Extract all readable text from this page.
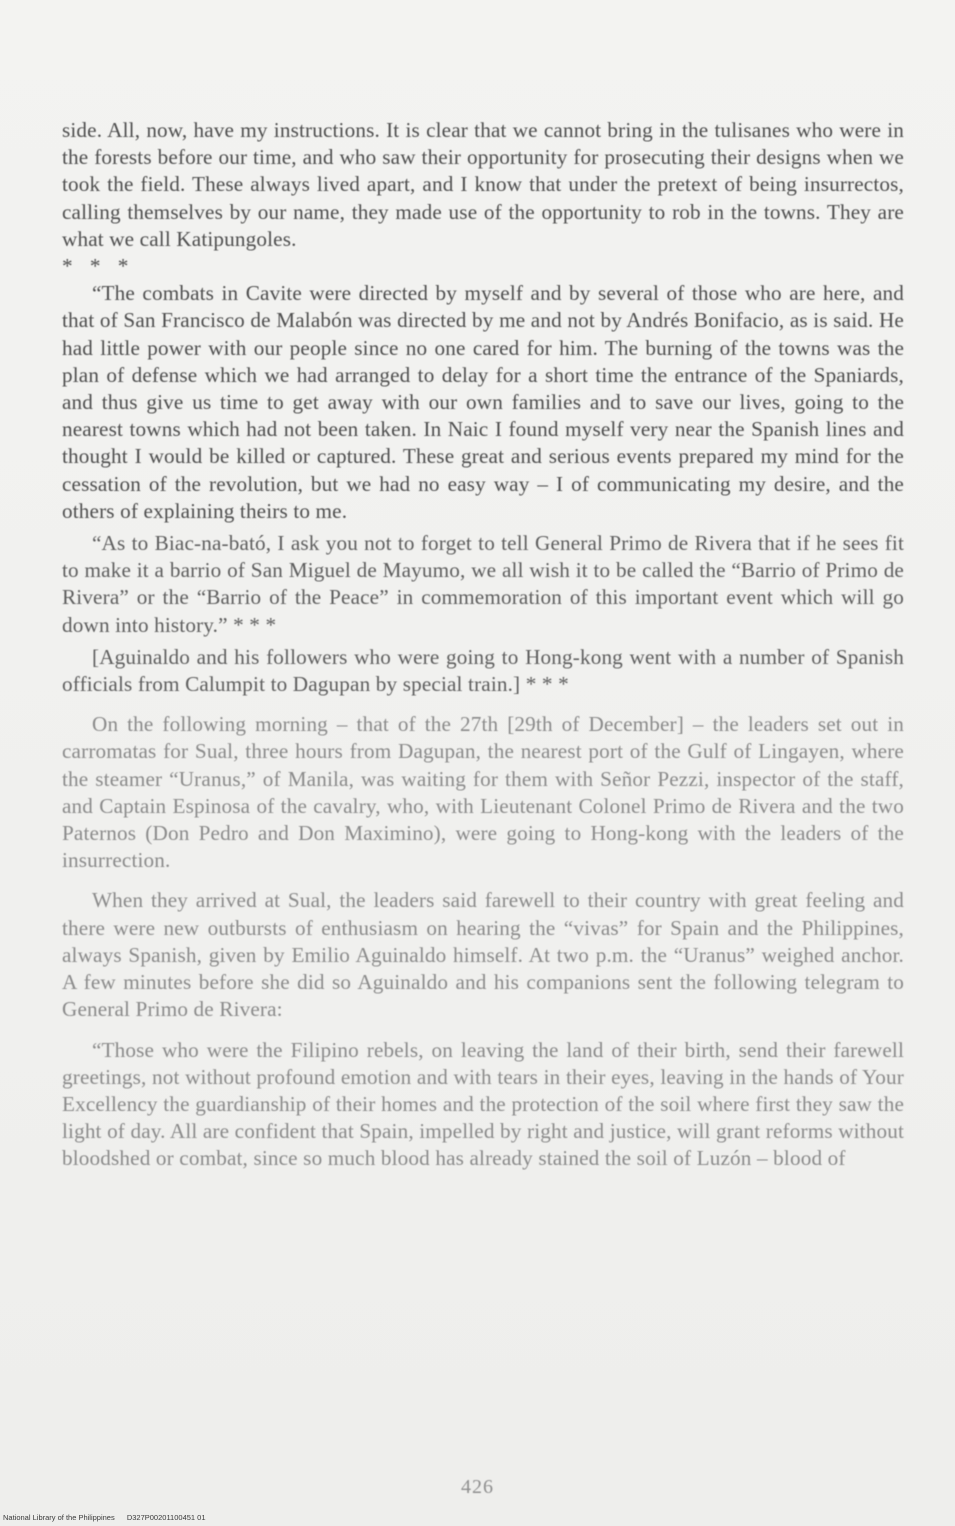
side. All, now, have my instructions. It is clear that we cannot bring in the tulisanes who were in the forests before our time, and who saw their opportunity for prosecuting their designs when we took the field. These always lived apart, and I know that under the pretext of being insurrectos, calling themselves by our name, they made use of the opportunity to rob in the towns. They are what we call Katipungoles.

* * *

“The combats in Cavite were directed by myself and by several of those who are here, and that of San Francisco de Malabón was directed by me and not by Andrés Bonifacio, as is said. He had little power with our people since no one cared for him. The burning of the towns was the plan of defense which we had arranged to delay for a short time the entrance of the Spaniards, and thus give us time to get away with our own families and to save our lives, going to the nearest towns which had not been taken. In Naic I found myself very near the Spanish lines and thought I would be killed or captured. These great and serious events prepared my mind for the cessation of the revolution, but we had no easy way – I of communicating my desire, and the others of explaining theirs to me.

“As to Biac-na-bató, I ask you not to forget to tell General Primo de Rivera that if he sees fit to make it a barrio of San Miguel de Mayumo, we all wish it to be called the “Barrio of Primo de Rivera” or the “Barrio of the Peace” in commemoration of this important event which will go down into history.” * * *

[Aguinaldo and his followers who were going to Hong-kong went with a number of Spanish officials from Calumpit to Dagupan by special train.] * * *

On the following morning – that of the 27th [29th of December] – the leaders set out in carromatas for Sual, three hours from Dagupan, the nearest port of the Gulf of Lingayen, where the steamer “Uranus,” of Manila, was waiting for them with Señor Pezzi, inspector of the staff, and Captain Espinosa of the cavalry, who, with Lieutenant Colonel Primo de Rivera and the two Paternos (Don Pedro and Don Maximino), were going to Hong-kong with the leaders of the insurrection.

When they arrived at Sual, the leaders said farewell to their country with great feeling and there were new outbursts of enthusiasm on hearing the “vivas” for Spain and the Philippines, always Spanish, given by Emilio Aguinaldo himself. At two p.m. the “Uranus” weighed anchor. A few minutes before she did so Aguinaldo and his companions sent the following telegram to General Primo de Rivera:

“Those who were the Filipino rebels, on leaving the land of their birth, send their farewell greetings, not without profound emotion and with tears in their eyes, leaving in the hands of Your Excellency the guardianship of their homes and the protection of the soil where first they saw the light of day. All are confident that Spain, impelled by right and justice, will grant reforms without bloodshed or combat, since so much blood has already stained the soil of Luzón – blood of

426
National Library of the Philippines D327P00201100451 01
